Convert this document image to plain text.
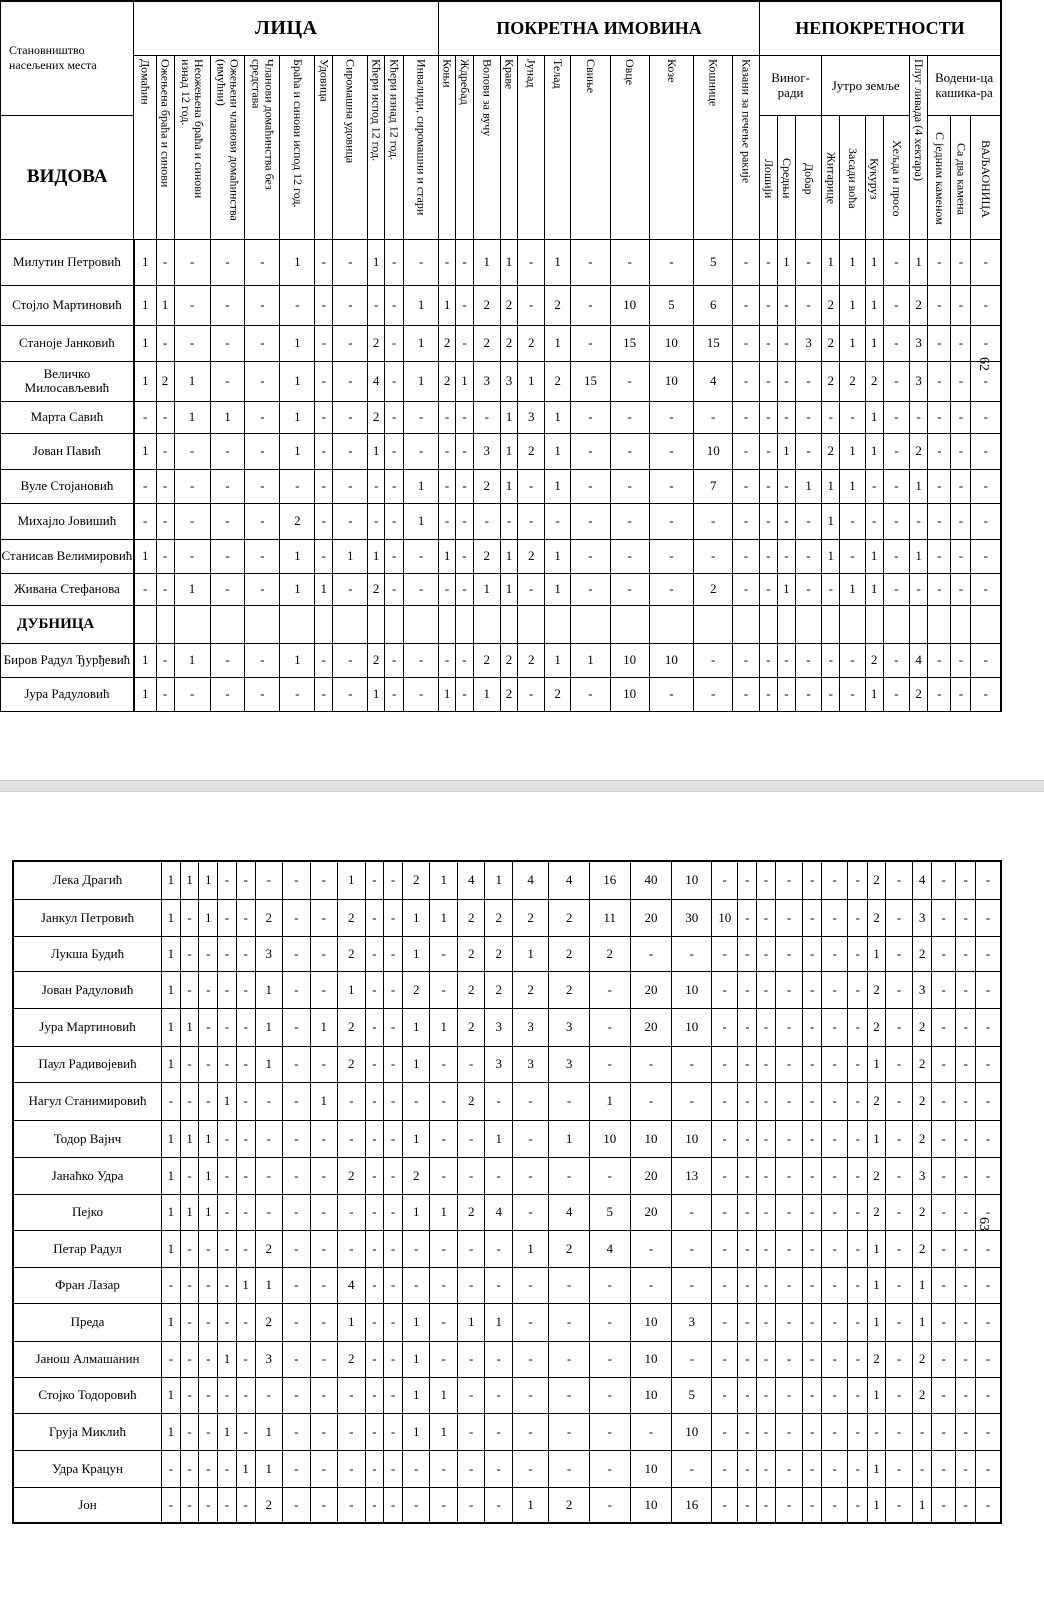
Становништво насељених места	ЛИЦА											ПОКРЕТНА ИМОВИНА											НЕПОКРЕТНОСТИ										

	Домаћин	Ожењена браћа и синови	Неожењена браћа и синови изнад 12 год.	Ожењени чланови домаћинства (имућни)	Чланови домаћинства без средстава	Браћа и синови испод 12 год.	Удовица	Сиромашна удовица	Кћери испод 12 год.	Кћери изнад 12 год.	Инвалиди, сиромашни и стари	Коњи	Ждребад	Волови за вучу	Краве	Јунад	Телад	Свиње	Овце	Козе	Кошнице	Казани за печење ракије	Виног-ради			Јутро земље				Плуг ливада (4 хектара)	Водени-ца кашика-ра		
ВИДОВА																							Лошији	Средњи	Добар	Житарице	Засади воћа	Кукуруз	Хељда и просо		С једним каменом	Са два камена	ВАЉАОНИЦА

Милутин Петровић	1	-	-	-	-	1	-	-	1	-	-	-	-	1	1	-	1	-	-	-	5	-	-	1	-	1	1	1	-	1	-	-	-
Стојло Мартиновић	1	1	-	-	-	-	-	-	-	-	1	1	-	2	2	-	2	-	10	5	6	-	-	-	-	2	1	1	-	2	-	-	-
Станоје Јанковић	1	-	-	-	-	1	-	-	2	-	1	2	-	2	2	2	1	-	15	10	15	-	-	-	3	2	1	1	-	3	-	-	-
Величко Милосављевић	1	2	1	-	-	1	-	-	4	-	1	2	1	3	3	1	2	15	-	10	4	-	-	-	-	2	2	2	-	3	-	-	-
Марта Савић	-	-	1	1	-	1	-	-	2	-	-	-	-	-	1	3	1	-	-	-	-	-	-	-	-	-	-	1	-	-	-	-	-
Јован Павић	1	-	-	-	-	1	-	-	1	-	-	-	-	3	1	2	1	-	-	-	10	-	-	1	-	2	1	1	-	2	-	-	-
Вуле Стојановић	-	-	-	-	-	-	-	-	-	-	1	-	-	2	1	-	1	-	-	-	7	-	-	-	1	1	1	-	-	1	-	-	-
Михајло Јовишић	-	-	-	-	-	2	-	-	-	-	1	-	-	-	-	-	-	-	-	-	-	-	-	-	-	1	-	-	-	-	-	-	-
Станисав Велимировић	1	-	-	-	-	1	-	1	1	-	-	1	-	2	1	2	1	-	-	-	-	-	-	-	-	1	-	1	-	1	-	-	-
Живана Стефанова	-	-	1	-	-	1	1	-	2	-	-	-	-	1	1	-	1	-	-	-	2	-	-	1	-	-	1	1	-	-	-	-	-
ДУБНИЦА																																	
Биров Радул Ђурђевић	1	-	1	-	-	1	-	-	2	-	-	-	-	2	2	2	1	1	10	10	-	-	-	-	-	-	-	2	-	4	-	-	-
Јура Радуловић	1	-	-	-	-	-	-	-	1	-	-	1	-	1	2	-	2	-	10	-	-	-	-	-	-	-	-	1	-	2	-	-	-
62
Лека Драгић	1	1	1	-	-	-	-	-	1	-	-	2	1	4	1	4	4	16	40	10	-	-	-	-	-	-	-	2	-	4	-	-	-
Јанкул Петровић	1	-	1	-	-	2	-	-	2	-	-	1	1	2	2	2	2	11	20	30	10	-	-	-	-	-	-	2	-	3	-	-	-
Лукша Будић	1	-	-	-	-	3	-	-	2	-	-	1	-	2	2	1	2	2	-	-	-	-	-	-	-	-	-	1	-	2	-	-	-
Јован Радуловић	1	-	-	-	-	1	-	-	1	-	-	2	-	2	2	2	2	-	20	10	-	-	-	-	-	-	-	2	-	3	-	-	-
Јура Мартиновић	1	1	-	-	-	1	-	1	2	-	-	1	1	2	3	3	3	-	20	10	-	-	-	-	-	-	-	2	-	2	-	-	-
Паул Радивојевић	1	-	-	-	-	1	-	-	2	-	-	1	-	-	3	3	3	-	-	-	-	-	-	-	-	-	-	1	-	2	-	-	-
Нагул Станимировић	-	-	-	1	-	-	-	1	-	-	-	-	-	2	-	-	-	1	-	-	-	-	-	-	-	-	-	2	-	2	-	-	-
Тодор Вајнч	1	1	1	-	-	-	-	-	-	-	-	1	-	-	1	-	1	10	10	10	-	-	-	-	-	-	-	1	-	2	-	-	-
Јанаћко Удра	1	-	1	-	-	-	-	-	2	-	-	2	-	-	-	-	-	-	20	13	-	-	-	-	-	-	-	2	-	3	-	-	-
Пејко	1	1	1	-	-	-	-	-	-	-	-	1	1	2	4	-	4	5	20	-	-	-	-	-	-	-	-	2	-	2	-	-	-
Петар Радул	1	-	-	-	-	2	-	-	-	-	-	-	-	-	-	1	2	4	-	-	-	-	-	-	-	-	-	1	-	2	-	-	-
Фран Лазар	-	-	-	-	1	1	-	-	4	-	-	-	-	-	-	-	-	-	-	-	-	-	-	-	-	-	-	1	-	1	-	-	-
Преда	1	-	-	-	-	2	-	-	1	-	-	1	-	1	1	-	-	-	10	3	-	-	-	-	-	-	-	1	-	1	-	-	-
Јанош Алмашанин	-	-	-	1	-	3	-	-	2	-	-	1	-	-	-	-	-	-	10	-	-	-	-	-	-	-	-	2	-	2	-	-	-
Стојко Тодоровић	1	-	-	-	-	-	-	-	-	-	-	1	1	-	-	-	-	-	10	5	-	-	-	-	-	-	-	1	-	2	-	-	-
Грујa Миклић	1	-	-	1	-	1	-	-	-	-	-	1	1	-	-	-	-	-	-	10	-	-	-	-	-	-	-	-	-	-	-	-	-
Удра Крацун	-	-	-	-	1	1	-	-	-	-	-	-	-	-	-	-	-	-	10	-	-	-	-	-	-	-	-	1	-	-	-	-	-
Јон	-	-	-	-	-	2	-	-	-	-	-	-	-	-	-	1	2	-	10	16	-	-	-	-	-	-	-	1	-	1	-	-	-
63
